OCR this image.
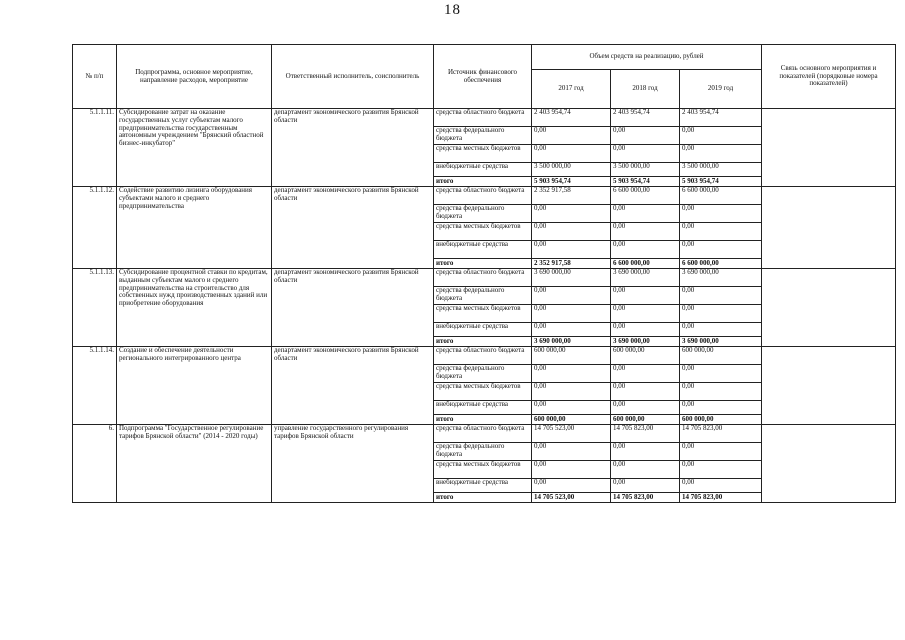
18
№ п/п	Подпрограмма, основное мероприятие, направление расходов, мероприятие	Ответственный исполнитель, соисполнитель	Источник финансового обеспечения	Объем средств на реализацию, рублей			Связь основного мероприятия и показателей (порядковые номера показателей)
				2017 год	2018 год	2019 год	
5.1.1.11.	Субсидирование затрат на оказание государственных услуг субъектам малого предпринимательства государственным автономным учреждением "Брянский областной бизнес-инкубатор"	департамент экономического развития Брянской области	средства областного бюджета	2 403 954,74	2 403 954,74	2 403 954,74	
			средства федерального бюджета	0,00	0,00	0,00	
			средства местных бюджетов	0,00	0,00	0,00	
			внебюджетные средства	3 500 000,00	3 500 000,00	3 500 000,00	
			итого	5 903 954,74	5 903 954,74	5 903 954,74	
5.1.1.12.	Содействие развитию лизинга оборудования субъектами малого и среднего предпринимательства	департамент экономического развития Брянской области	средства областного бюджета	2 352 917,58	6 600 000,00	6 600 000,00	
			средства федерального бюджета	0,00	0,00	0,00	
			средства местных бюджетов	0,00	0,00	0,00	
			внебюджетные средства	0,00	0,00	0,00	
			итого	2 352 917,58	6 600 000,00	6 600 000,00	
5.1.1.13.	Субсидирование процентной ставки по кредитам, выданным субъектам малого и среднего предпринимательства на строительство для собственных нужд производственных зданий или приобретение оборудования	департамент экономического развития Брянской области	средства областного бюджета	3 690 000,00	3 690 000,00	3 690 000,00	
			средства федерального бюджета	0,00	0,00	0,00	
			средства местных бюджетов	0,00	0,00	0,00	
			внебюджетные средства	0,00	0,00	0,00	
			итого	3 690 000,00	3 690 000,00	3 690 000,00	
5.1.1.14.	Создание и обеспечение деятельности регионального интегрированного центра	департамент экономического развития Брянской области	средства областного бюджета	600 000,00	600 000,00	600 000,00	
			средства федерального бюджета	0,00	0,00	0,00	
			средства местных бюджетов	0,00	0,00	0,00	
			внебюджетные средства	0,00	0,00	0,00	
			итого	600 000,00	600 000,00	600 000,00	
6.	Подпрограмма "Государственное регулирование тарифов Брянской области" (2014 - 2020 годы)	управление государственного регулирования тарифов Брянской области	средства областного бюджета	14 705 523,00	14 705 823,00	14 705 823,00	
			средства федерального бюджета	0,00	0,00	0,00	
			средства местных бюджетов	0,00	0,00	0,00	
			внебюджетные средства	0,00	0,00	0,00	
			итого	14 705 523,00	14 705 823,00	14 705 823,00	
